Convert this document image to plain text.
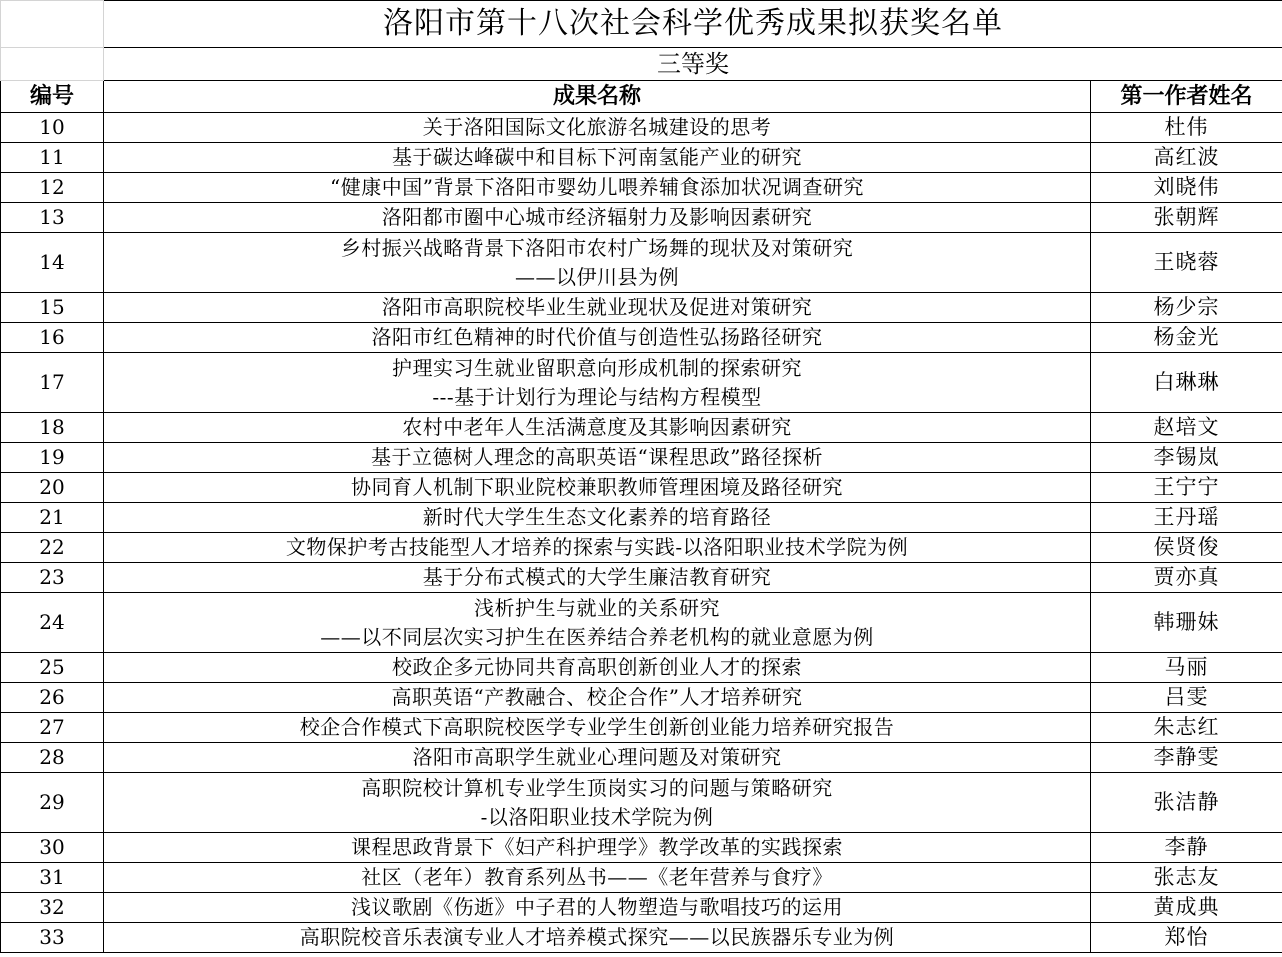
	洛阳市第十八次社会科学优秀成果拟获奖名单	
	三等奖	
编号	成果名称	第一作者姓名
10	关于洛阳国际文化旅游名城建设的思考	杜伟
11	基于碳达峰碳中和目标下河南氢能产业的研究	高红波
12	“健康中国”背景下洛阳市婴幼儿喂养辅食添加状况调查研究	刘晓伟
13	洛阳都市圈中心城市经济辐射力及影响因素研究	张朝辉
14	乡村振兴战略背景下洛阳市农村广场舞的现状及对策研究
——以伊川县为例	王晓蓉
15	洛阳市高职院校毕业生就业现状及促进对策研究	杨少宗
16	洛阳市红色精神的时代价值与创造性弘扬路径研究	杨金光
17	护理实习生就业留职意向形成机制的探索研究
---基于计划行为理论与结构方程模型	白琳琳
18	农村中老年人生活满意度及其影响因素研究	赵培文
19	基于立德树人理念的高职英语“课程思政”路径探析	李锡岚
20	协同育人机制下职业院校兼职教师管理困境及路径研究	王宁宁
21	新时代大学生生态文化素养的培育路径	王丹瑶
22	文物保护考古技能型人才培养的探索与实践-以洛阳职业技术学院为例	侯贤俊
23	基于分布式模式的大学生廉洁教育研究	贾亦真
24	浅析护生与就业的关系研究
——以不同层次实习护生在医养结合养老机构的就业意愿为例	韩珊妹
25	校政企多元协同共育高职创新创业人才的探索	马丽
26	高职英语“产教融合、校企合作”人才培养研究	吕雯
27	校企合作模式下高职院校医学专业学生创新创业能力培养研究报告	朱志红
28	洛阳市高职学生就业心理问题及对策研究	李静雯
29	高职院校计算机专业学生顶岗实习的问题与策略研究
-以洛阳职业技术学院为例	张洁静
30	课程思政背景下《妇产科护理学》教学改革的实践探索	李静
31	社区（老年）教育系列丛书——《老年营养与食疗》	张志友
32	浅议歌剧《伤逝》中子君的人物塑造与歌唱技巧的运用	黄成典
33	高职院校音乐表演专业人才培养模式探究——以民族器乐专业为例	郑怡
